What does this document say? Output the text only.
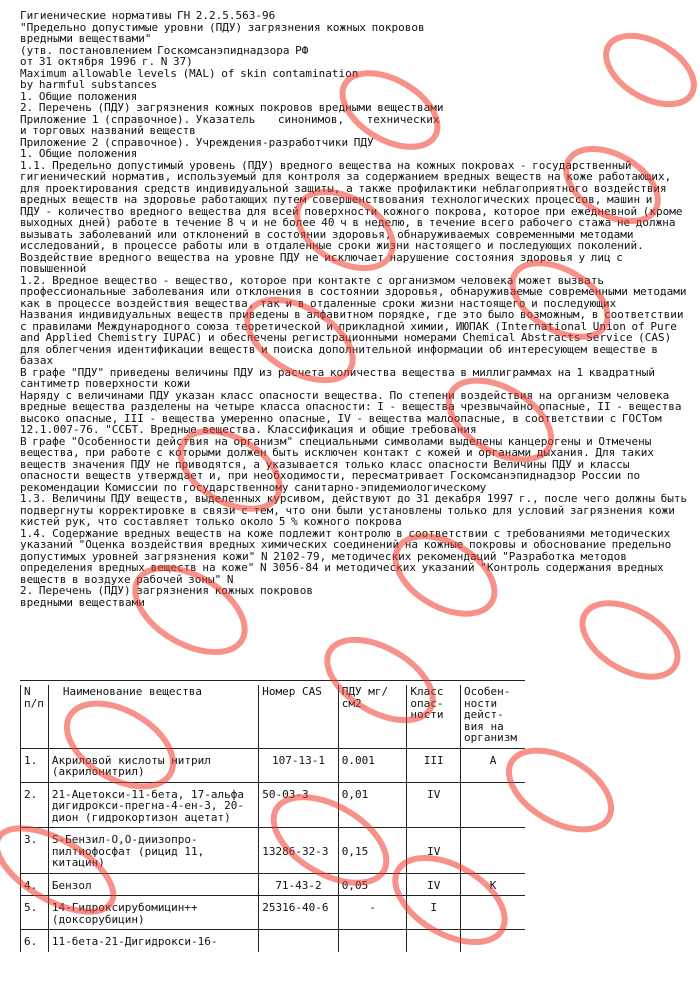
Гигиенические нормативы ГН 2.2.5.563-96

"Предельно допустимые уровни (ПДУ) загрязнения кожных покровов

вредными веществами"

(утв. постановлением Госкомсанэпиднадзора РФ

от 31 октября 1996 г. N 37)

Maximum allowable levels (MAL) of skin contamination

by harmful substances

1. Общие положения

2. Перечень (ПДУ) загрязнения кожных покровов вредными веществами

Приложение 1 (справочное). Указатель    синонимов,    технических

и торговых названий веществ

Приложение 2 (справочное). Учреждения-разработчики ПДУ

1. Общие положения

1.1. Предельно допустимый уровень (ПДУ) вредного вещества на кожных покровах - государственный гигиенический норматив, используемый для контроля за содержанием вредных веществ на коже работающих, для проектирования средств индивидуальной защиты, а также профилактики неблагоприятного воздействия вредных веществ на здоровье работающих путем совершенствования технологических процессов, машин и

ПДУ - количество вредного вещества для всей поверхности кожного покрова, которое при ежедневной (кроме выходных дней) работе в течение 8 ч и не более 40 ч в неделю, в течение всего рабочего стажа не должна вызывать заболеваний или отклонений в состоянии здоровья, обнаруживаемых современными методами исследований, в процессе работы или в отдаленные сроки жизни настоящего и последующих поколений. Воздействие вредного вещества на уровне ПДУ не исключает нарушение состояния здоровья у лиц с повышенной

1.2. Вредное вещество - вещество, которое при контакте с организмом человека может вызвать профессиональные заболевания или отклонения в состоянии здоровья, обнаруживаемые современными методами как в процессе воздействия вещества, так и в отдаленные сроки жизни настоящего и последующих

Названия индивидуальных веществ приведены в алфавитном порядке, где это было возможным, в соответствии с правилами Международного союза теоретической и прикладной химии, ИЮПАК (International Union of Pure and Applied Chemistry IUPAC) и обеспечены регистрационными номерами Chemical Abstracts Service (CAS) для облегчения идентификации веществ и поиска дополнительной информации об интересующем веществе в базах

В графе "ПДУ" приведены величины ПДУ из расчета количества вещества в миллиграммах на 1 квадратный сантиметр поверхности кожи

Наряду с величинами ПДУ указан класс опасности вещества. По степени воздействия на организм человека вредные вещества разделены на четыре класса опасности: I - вещества чрезвычайно опасные, II - вещества высоко опасные, III - вещества умеренно опасные, IV - вещества малоопасные, в соответствии с ГОСТом 12.1.007-76. "ССБТ. Вредные вещества. Классификация и общие требования

В графе "Особенности действия на организм" специальными символами выделены канцерогены и Отмечены вещества, при работе с которыми должен быть исключен контакт с кожей и органами дыхания. Для таких веществ значения ПДУ не приводятся, а указывается только класс опасности Величины ПДУ и классы опасности веществ утверждает и, при необходимости, пересматривает Госкомсанэпиднадзор России по рекомендации Комиссии по государственному санитарно-эпидемиологическому

1.3. Величины ПДУ веществ, выделенных курсивом, действуют до 31 декабря 1997 г., после чего должны быть подвергнуты корректировке в связи с тем, что они были установлены только для условий загрязнения кожи кистей рук, что составляет только около 5 % кожного покрова

1.4. Содержание вредных веществ на коже подлежит контролю в соответствии с требованиями методических указаний "Оценка воздействия вредных химических соединений на кожные покровы и обоснование предельно допустимых уровней загрязнения кожи" N 2102-79, методических рекомендаций "Разработка методов определения вредных веществ на коже" N 3056-84 и методических указаний "Контроль содержания вредных веществ в воздухе рабочей зоны" N

2. Перечень (ПДУ) загрязнения кожных покровов

вредными веществами

N п/п	Наименование вещества	Номер CAS	ПДУ мг/см2	Класс опас- ности	Особен- ности дейст- вия на организм
1.	Акриловой кислоты нитрил (акрилонитрил)	107-13-1	0.001	III	А
2.	21-Ацетокси-11-бета, 17-альфа дигидрокси-прегна-4-ен-3, 20-дион (гидрокортизон ацетат)	50-03-3	0,01	IV	
3.	S-Бензил-O,O-диизопро- пилтиофосфат (рицид 11, китацин)	13286-32-3	0,15	IV	
4.	Бензол	71-43-2	0,05	IV	К
5.	14-Гидроксирубомицин++ (доксорубицин)	25316-40-6	-	I	
6.	11-бета-21-Дигидрокси-16-				
